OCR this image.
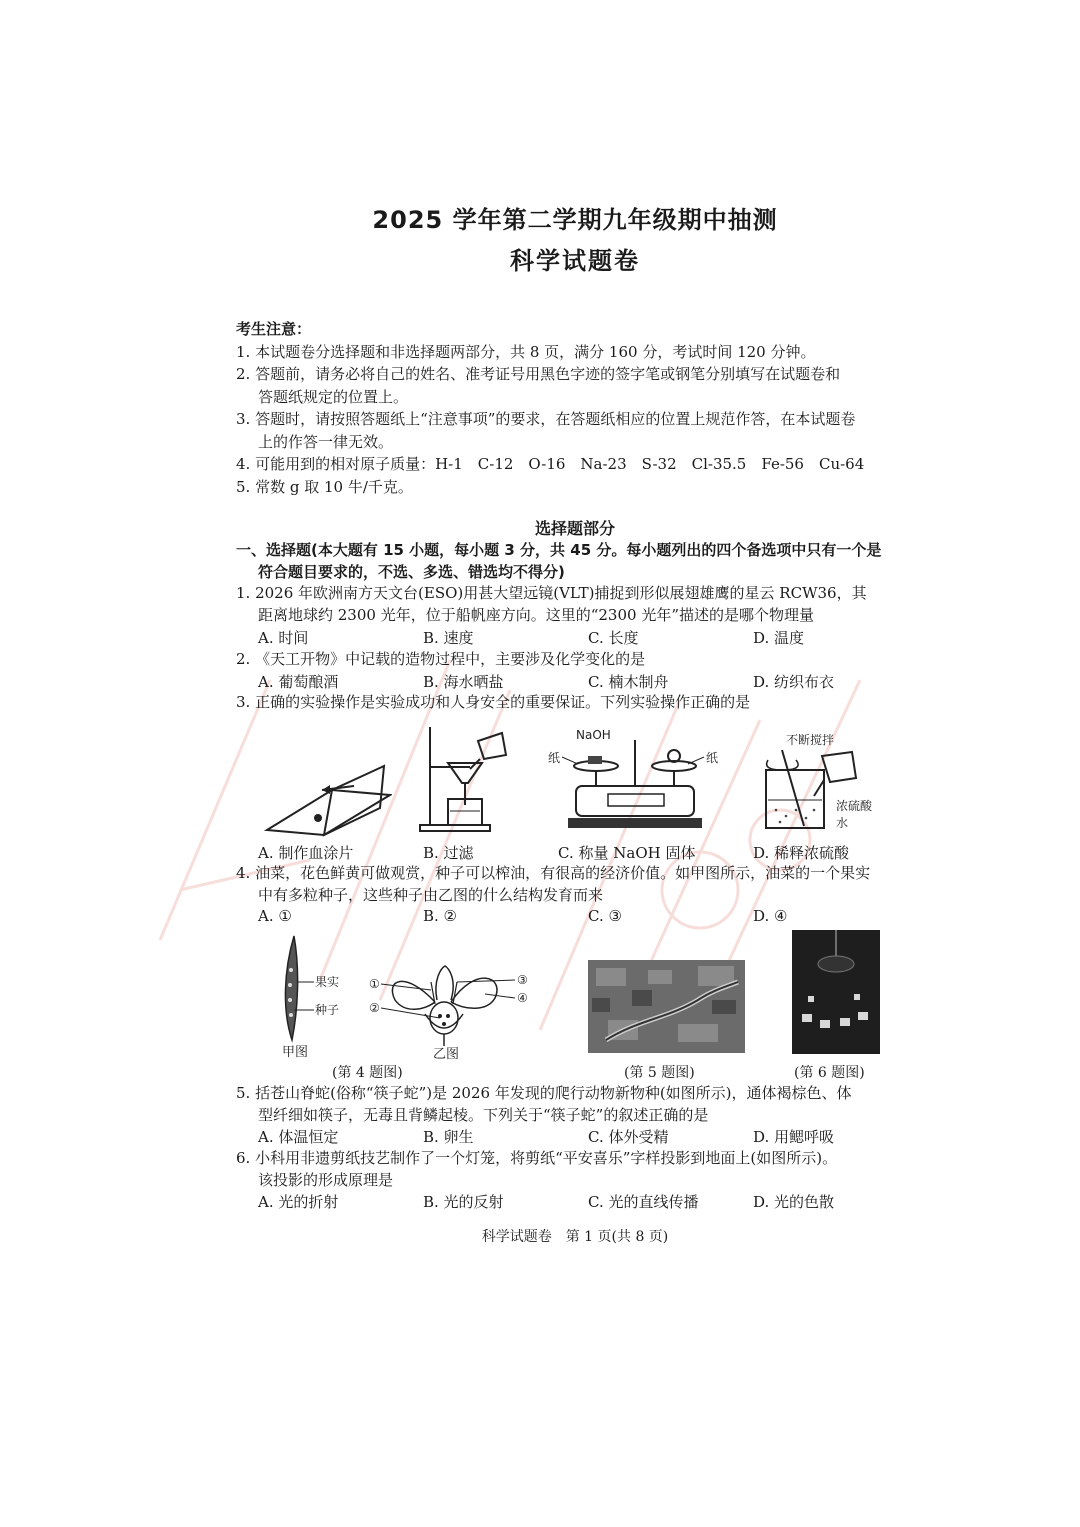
2025 学年第二学期九年级期中抽测
科学试题卷
考生注意：
1. 本试题卷分选择题和非选择题两部分，共 8 页，满分 160 分，考试时间 120 分钟。
2. 答题前，请务必将自己的姓名、准考证号用黑色字迹的签字笔或钢笔分别填写在试题卷和
答题纸规定的位置上。
3. 答题时，请按照答题纸上“注意事项”的要求，在答题纸相应的位置上规范作答，在本试题卷
上的作答一律无效。
4. 可能用到的相对原子质量：H-1　C-12　O-16　Na-23　S-32　Cl-35.5　Fe-56　Cu-64
5. 常数 g 取 10 牛/千克。
选择题部分
一、选择题(本大题有 15 小题，每小题 3 分，共 45 分。每小题列出的四个备选项中只有一个是
符合题目要求的，不选、多选、错选均不得分)
1. 2026 年欧洲南方天文台(ESO)用甚大望远镜(VLT)捕捉到形似展翅雄鹰的星云 RCW36，其
距离地球约 2300 光年，位于船帆座方向。这里的“2300 光年”描述的是哪个物理量
A. 时间	B. 速度	C. 长度	D. 温度
2. 《天工开物》中记载的造物过程中，主要涉及化学变化的是
A. 葡萄酿酒	B. 海水晒盐	C. 楠木制舟	D. 纺织布衣
3. 正确的实验操作是实验成功和人身安全的重要保证。下列实验操作正确的是
NaOH
纸	纸
不断搅拌
浓硫酸
水
A. 制作血涂片	B. 过滤	C. 称量 NaOH 固体	D. 稀释浓硫酸
4. 油菜，花色鲜黄可做观赏，种子可以榨油，有很高的经济价值。如甲图所示，油菜的一个果实
中有多粒种子，这些种子由乙图的什么结构发育而来
A. ①	B. ②	C. ③	D. ④
果实
种子
甲图
①
②
③
④
乙图
(第 4 题图)	(第 5 题图)	(第 6 题图)
5. 括苍山脊蛇(俗称“筷子蛇”)是 2026 年发现的爬行动物新物种(如图所示)，通体褐棕色、体
型纤细如筷子，无毒且背鳞起棱。下列关于“筷子蛇”的叙述正确的是
A. 体温恒定	B. 卵生	C. 体外受精	D. 用鳃呼吸
6. 小科用非遗剪纸技艺制作了一个灯笼，将剪纸“平安喜乐”字样投影到地面上(如图所示)。
该投影的形成原理是
A. 光的折射	B. 光的反射	C. 光的直线传播	D. 光的色散
科学试题卷　第 1 页(共 8 页)
